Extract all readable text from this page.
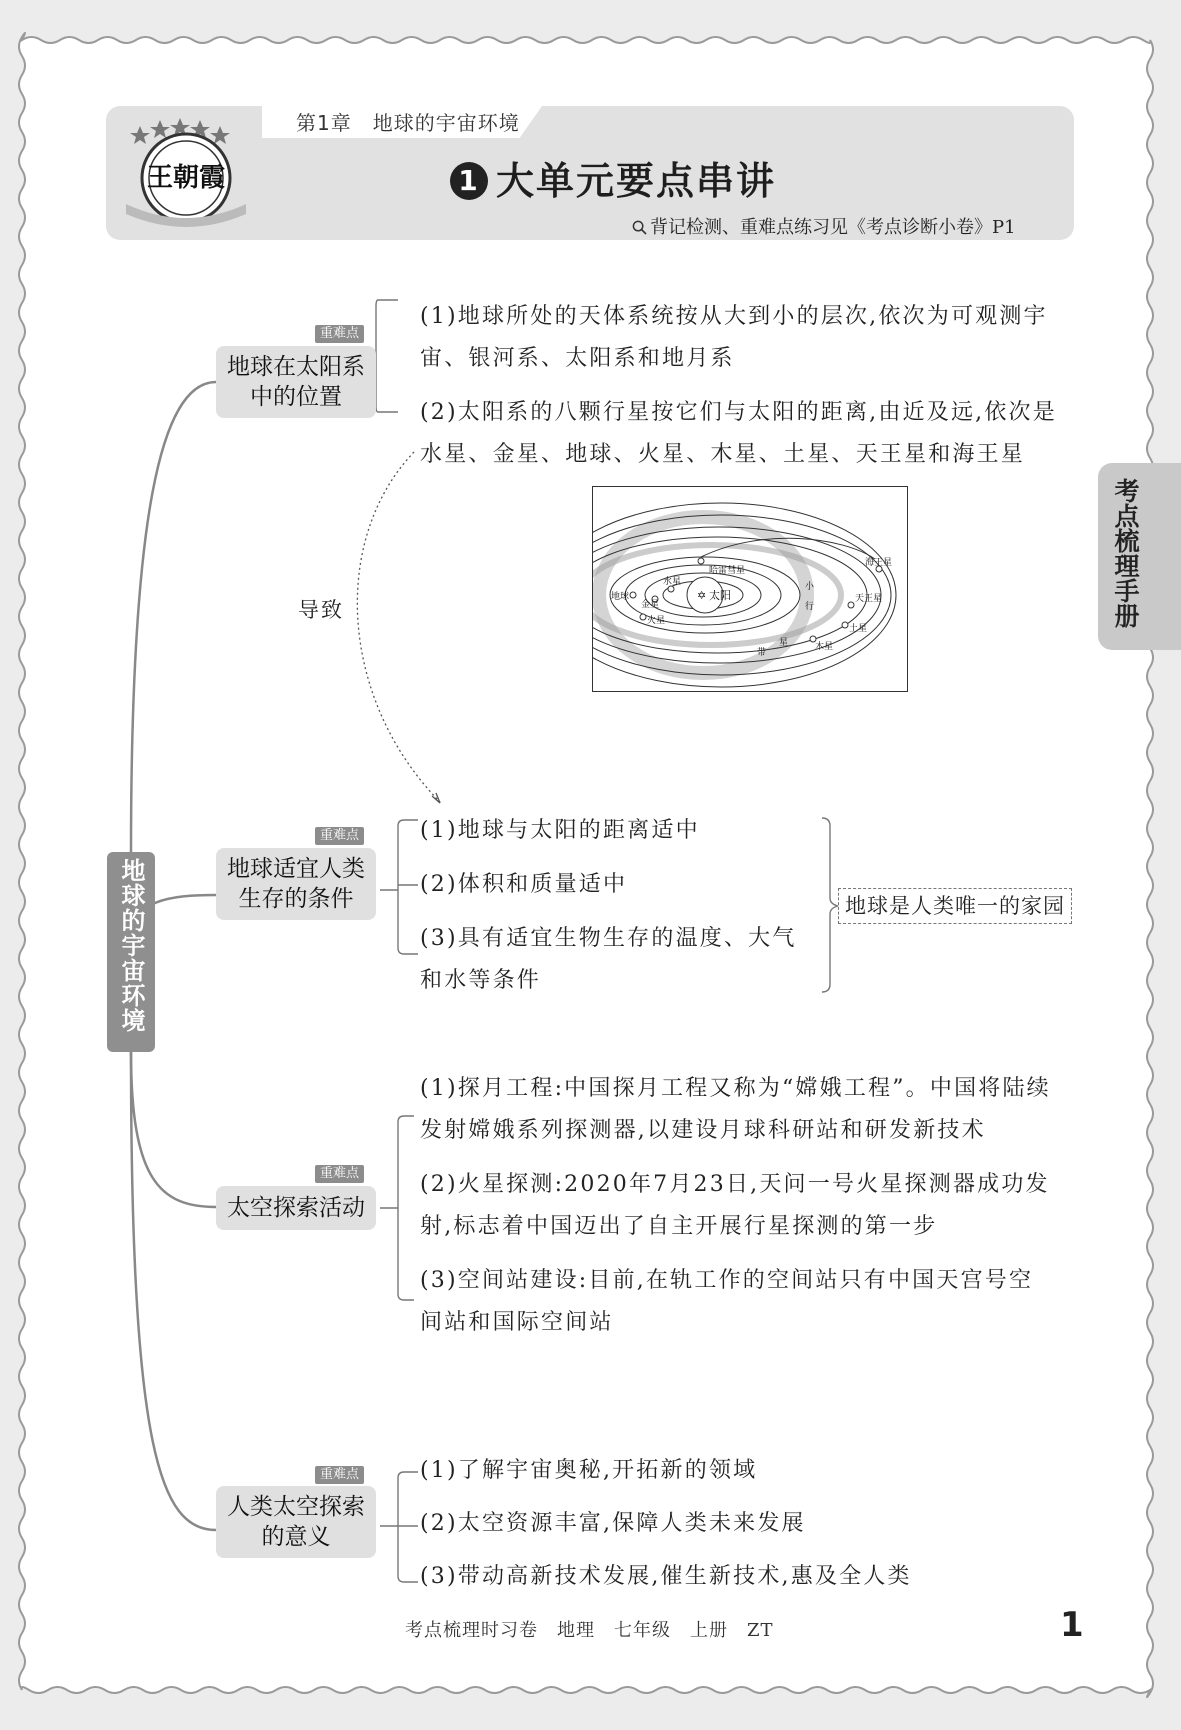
王朝霞
第1章　地球的宇宙环境
1 大单元要点串讲
背记检测、重难点练习见《考点诊断小卷》P1
考点梳理手册
地球的宇宙环境
重难点
地球在太阳系
中的位置
(1)地球所处的天体系统按从大到小的层次,依次为可观测宇
宙、银河系、太阳系和地月系
(2)太阳系的八颗行星按它们与太阳的距离,由近及远,依次是
水星、金星、地球、火星、木星、土星、天王星和海王星
✡ 太阳
水星
金星
地球
火星
木星
土星
天王星
海王星
哈雷彗星
小
行
星
带
导致
重难点
地球适宜人类
生存的条件
(1)地球与太阳的距离适中
(2)体积和质量适中
(3)具有适宜生物生存的温度、大气
和水等条件
地球是人类唯一的家园
重难点
太空探索活动
(1)探月工程:中国探月工程又称为“嫦娥工程”。中国将陆续
发射嫦娥系列探测器,以建设月球科研站和研发新技术
(2)火星探测:2020年7月23日,天问一号火星探测器成功发
射,标志着中国迈出了自主开展行星探测的第一步
(3)空间站建设:目前,在轨工作的空间站只有中国天宫号空
间站和国际空间站
重难点
人类太空探索
的意义
(1)了解宇宙奥秘,开拓新的领域
(2)太空资源丰富,保障人类未来发展
(3)带动高新技术发展,催生新技术,惠及全人类
考点梳理时习卷　地理　七年级　上册　ZT	1
